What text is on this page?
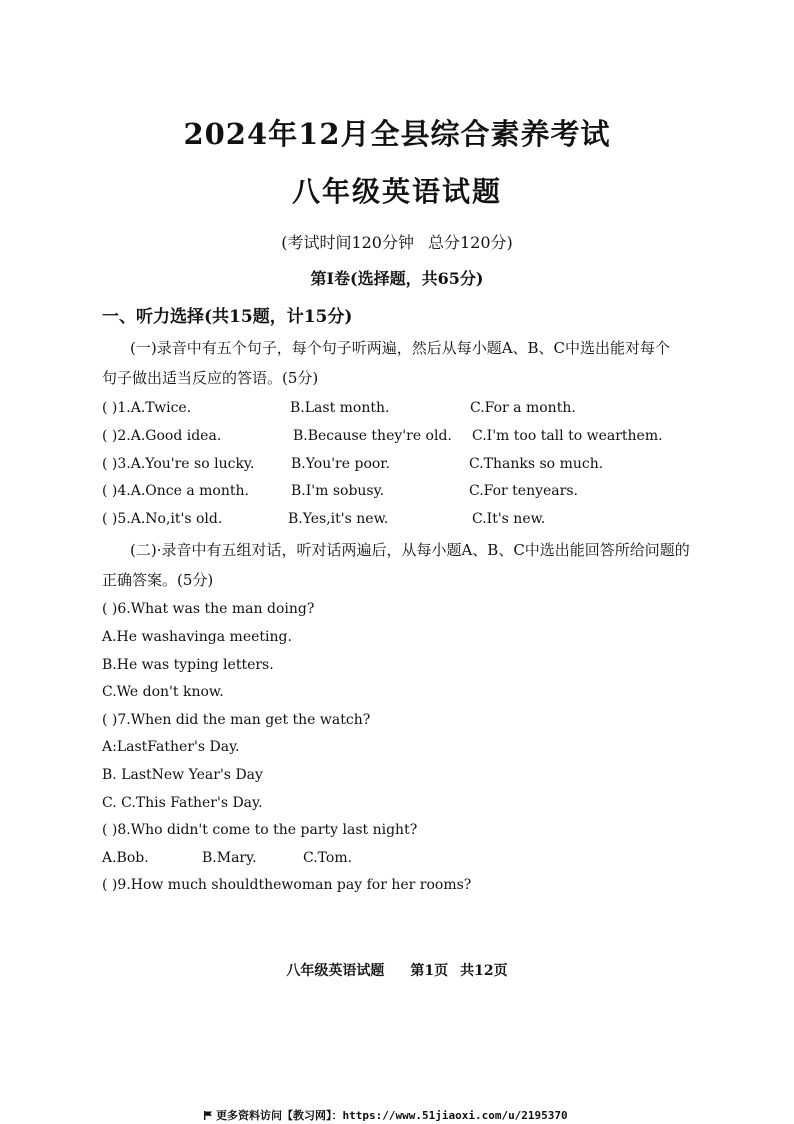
2024年12月全县综合素养考试
八年级英语试题
(考试时间120分钟 总分120分)
第Ⅰ卷(选择题，共65分)
一、听力选择(共15题，计15分)
(一)录音中有五个句子，每个句子听两遍，然后从每小题A、B、C中选出能对每个
句子做出适当反应的答语。(5分)
( )1.A.Twice.	B.Last month.	C.For a month.
( )2.A.Good idea.	B.Because they're old. C.I'm too tall to wearthem.
( )3.A.You're so lucky.	B.You're poor.	C.Thanks so much.
( )4.A.Once a month.	B.I'm sobusy.	C.For tenyears.
( )5.A.No,it's old.	B.Yes,it's new.	C.It's new.
(二)·录音中有五组对话，听对话两遍后，从每小题A、B、C中选出能回答所给问题的
正确答案。(5分)
( )6.What was the man doing?
A.He washavinga meeting.
B.He was typing letters.
C.We don't know.
( )7.When did the man get the watch?
A:LastFather's Day.
B. LastNew Year's Day
C. C.This Father's Day.
( )8.Who didn't come to the party last night?
A.Bob.	B.Mary.	C.Tom.
( )9.How much shouldthewoman pay for her rooms?
八年级英语试题 第1页 共12页
更多资料访问【教习网】：https://www.51jiaoxi.com/u/2195370
